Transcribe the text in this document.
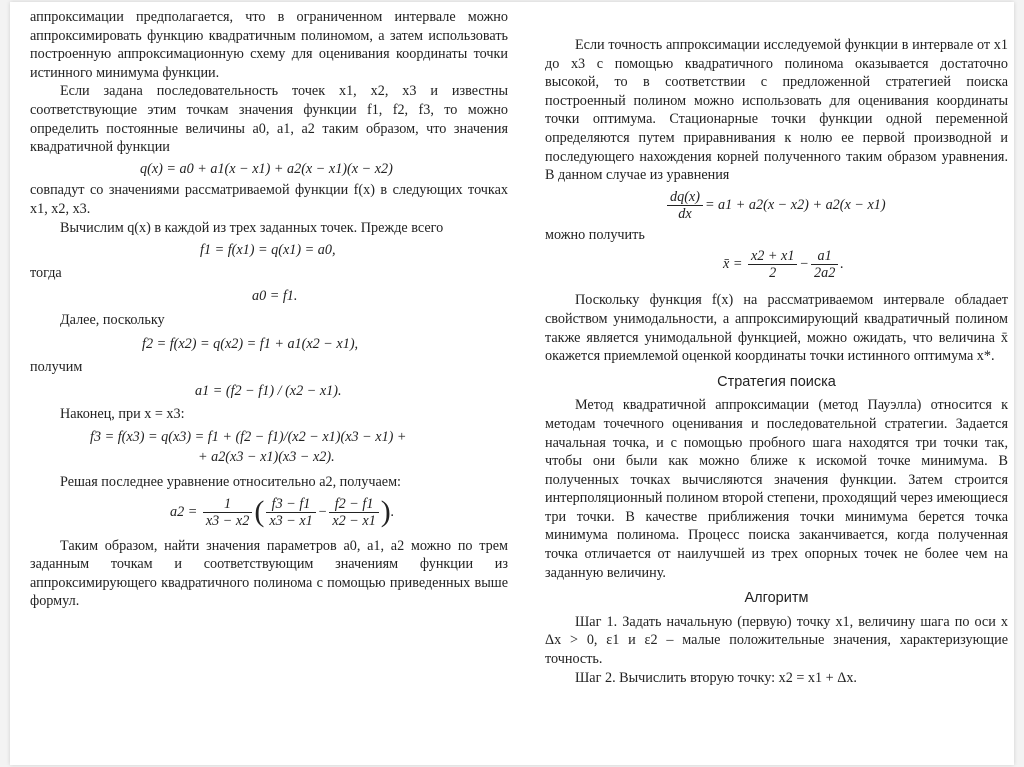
аппроксимации предполагается, что в ограниченном интервале можно аппроксимировать функцию квадратичным полиномом, а затем использовать построенную аппроксимационную схему для оценивания координаты точки истинного минимума функции.

Если задана последовательность точек x1, x2, x3 и известны соответствующие этим точкам значения функции f1, f2, f3, то можно определить постоянные величины a0, a1, a2 таким образом, что значения квадратичной функции

q(x) = a0 + a1(x − x1) + a2(x − x1)(x − x2)

совпадут со значениями рассматриваемой функции f(x) в следующих точках x1, x2, x3.

Вычислим q(x) в каждой из трех заданных точек. Прежде всего

f1 = f(x1) = q(x1) = a0,

тогда

a0 = f1.

Далее, поскольку

f2 = f(x2) = q(x2) = f1 + a1(x2 − x1),

получим

a1 = (f2 − f1) / (x2 − x1).

Наконец, при x = x3:

f3 = f(x3) = q(x3) = f1 + (f2 − f1)/(x2 − x1)(x3 − x1) +
+ a2(x3 − x1)(x3 − x2).

Решая последнее уравнение относительно a2, получаем:

$a2 = \frac{1}{x3 - x2}$ ( $\frac{f3 - f1}{x3 - x1} - \frac{f2 - f1}{x2 - x1}$ ).

Таким образом, найти значения параметров a0, a1, a2 можно по трем заданным точкам и соответствующим значениям функции из аппроксимирующего квадратичного полинома с помощью приведенных выше формул.

Если точность аппроксимации исследуемой функции в интервале от x1 до x3 с помощью квадратичного полинома оказывается достаточно высокой, то в соответствии с предложенной стратегией поиска построенный полином можно использовать для оценивания координаты точки оптимума. Стационарные точки функции одной переменной определяются путем приравнивания к нолю ее первой производной и последующего нахождения корней полученного таким образом уравнения. В данном случае из уравнения

$\frac{dq(x)}{dx} = a1 + a2(x - x2) + a2(x - x1)$

можно получить

x̄ = $\frac{x2 + x1}{2} - \frac{a1}{2a2}$ .

Поскольку функция f(x) на рассматриваемом интервале обладает свойством унимодальности, а аппроксимирующий квадратичный полином также является унимодальной функцией, можно ожидать, что величина x̄ окажется приемлемой оценкой координаты точки истинного оптимума x*.

Стратегия поиска

Метод квадратичной аппроксимации (метод Пауэлла) относится к методам точечного оценивания и последовательной стратегии. Задается начальная точка, и с помощью пробного шага находятся три точки так, чтобы они были как можно ближе к искомой точке минимума. В полученных точках вычисляются значения функции. Затем строится интерполяционный полином второй степени, проходящий через имеющиеся три точки. В качестве приближения точки минимума берется точка минимума полинома. Процесс поиска заканчивается, когда полученная точка отличается от наилучшей из трех опорных точек не более чем на заданную величину.

Алгоритм

Шаг 1. Задать начальную (первую) точку x1, величину шага по оси x Δx > 0, ε1 и ε2 – малые положительные значения, характеризующие точность.

Шаг 2. Вычислить вторую точку: x2 = x1 + Δx.
